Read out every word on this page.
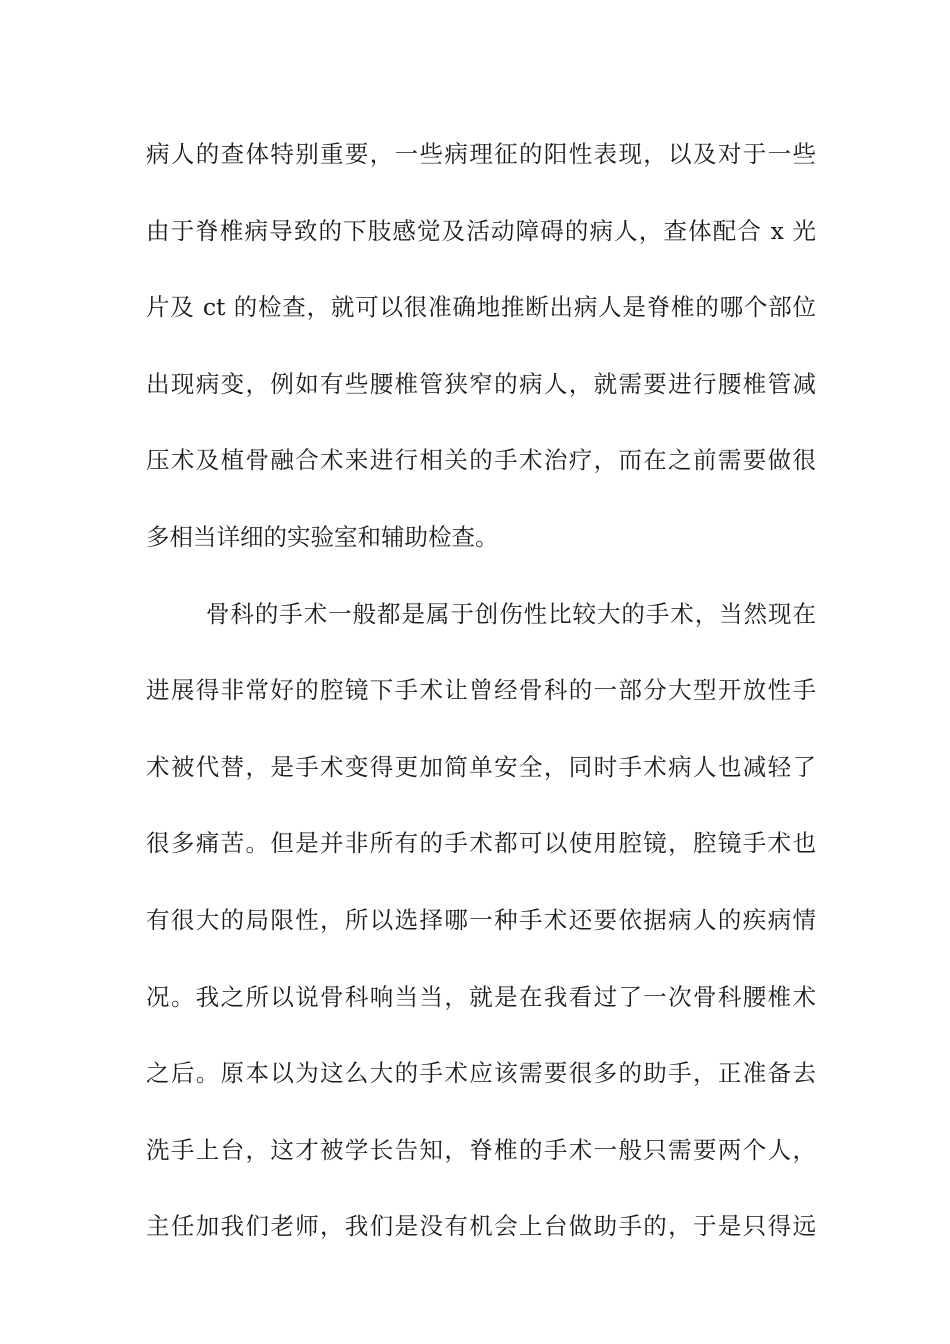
病人的查体特别重要，一些病理征的阳性表现，以及对于一些
由于脊椎病导致的下肢感觉及活动障碍的病人，查体配合 x 光
片及 ct 的检查，就可以很准确地推断出病人是脊椎的哪个部位
出现病变，例如有些腰椎管狭窄的病人，就需要进行腰椎管减
压术及植骨融合术来进行相关的手术治疗，而在之前需要做很
多相当详细的实验室和辅助检查。
骨科的手术一般都是属于创伤性比较大的手术，当然现在
进展得非常好的腔镜下手术让曾经骨科的一部分大型开放性手
术被代替，是手术变得更加简单安全，同时手术病人也减轻了
很多痛苦。但是并非所有的手术都可以使用腔镜，腔镜手术也
有很大的局限性，所以选择哪一种手术还要依据病人的疾病情
况。我之所以说骨科响当当，就是在我看过了一次骨科腰椎术
之后。原本以为这么大的手术应该需要很多的助手，正准备去
洗手上台，这才被学长告知，脊椎的手术一般只需要两个人，
主任加我们老师，我们是没有机会上台做助手的，于是只得远
